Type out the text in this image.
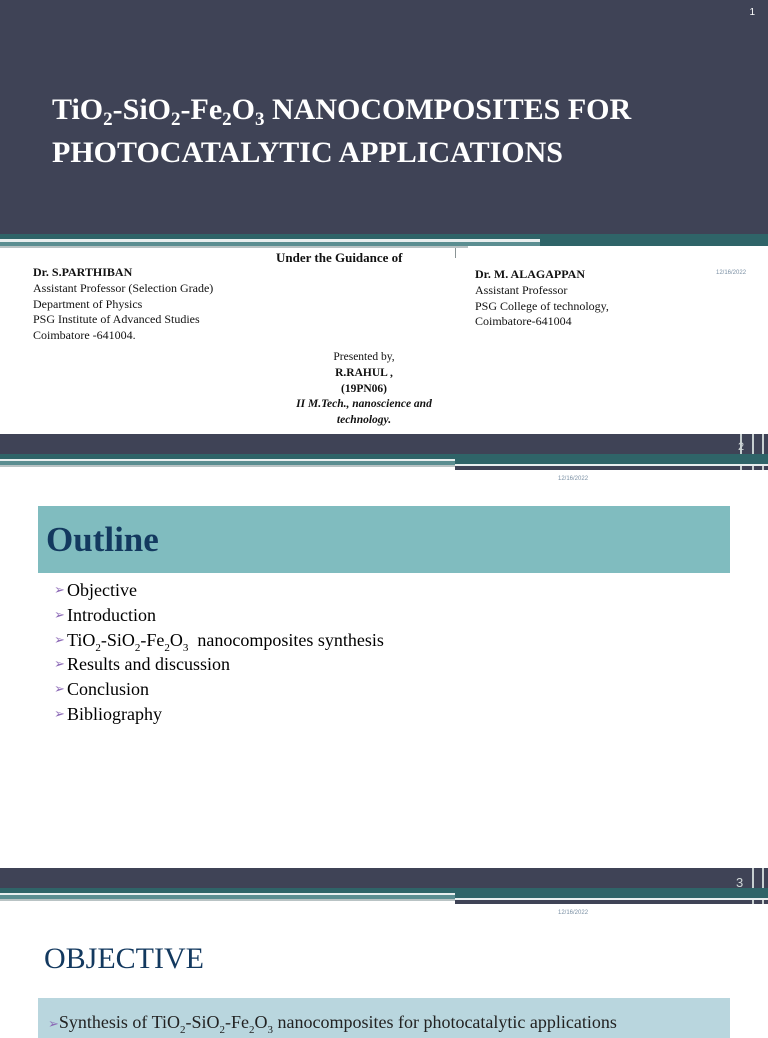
1
$TiO_2-SiO_2-Fe_2O_3$ NANOCOMPOSITES FOR
PHOTOCATALYTIC APPLICATIONS
Under the Guidance of
12/16/2022
Dr. S.PARTHIBAN
Assistant Professor (Selection Grade)
Department of Physics
PSG Institute of Advanced Studies
Coimbatore -641004.
Dr. M. ALAGAPPAN
Assistant Professor
PSG College of technology,
Coimbatore-641004
Presented by,
R.RAHUL ,
(19PN06)
II M.Tech., nanoscience and
technology.
2
12/16/2022
Outline
➢ Objective
➢ Introduction
➢ $TiO_2-SiO_2-Fe_2O_3$  nanocomposites synthesis
➢ Results and discussion
➢ Conclusion
➢ Bibliography
3
12/16/2022
OBJECTIVE
➢Synthesis of $TiO_2-SiO_2-Fe_2O_3$ nanocomposites for photocatalytic applications
